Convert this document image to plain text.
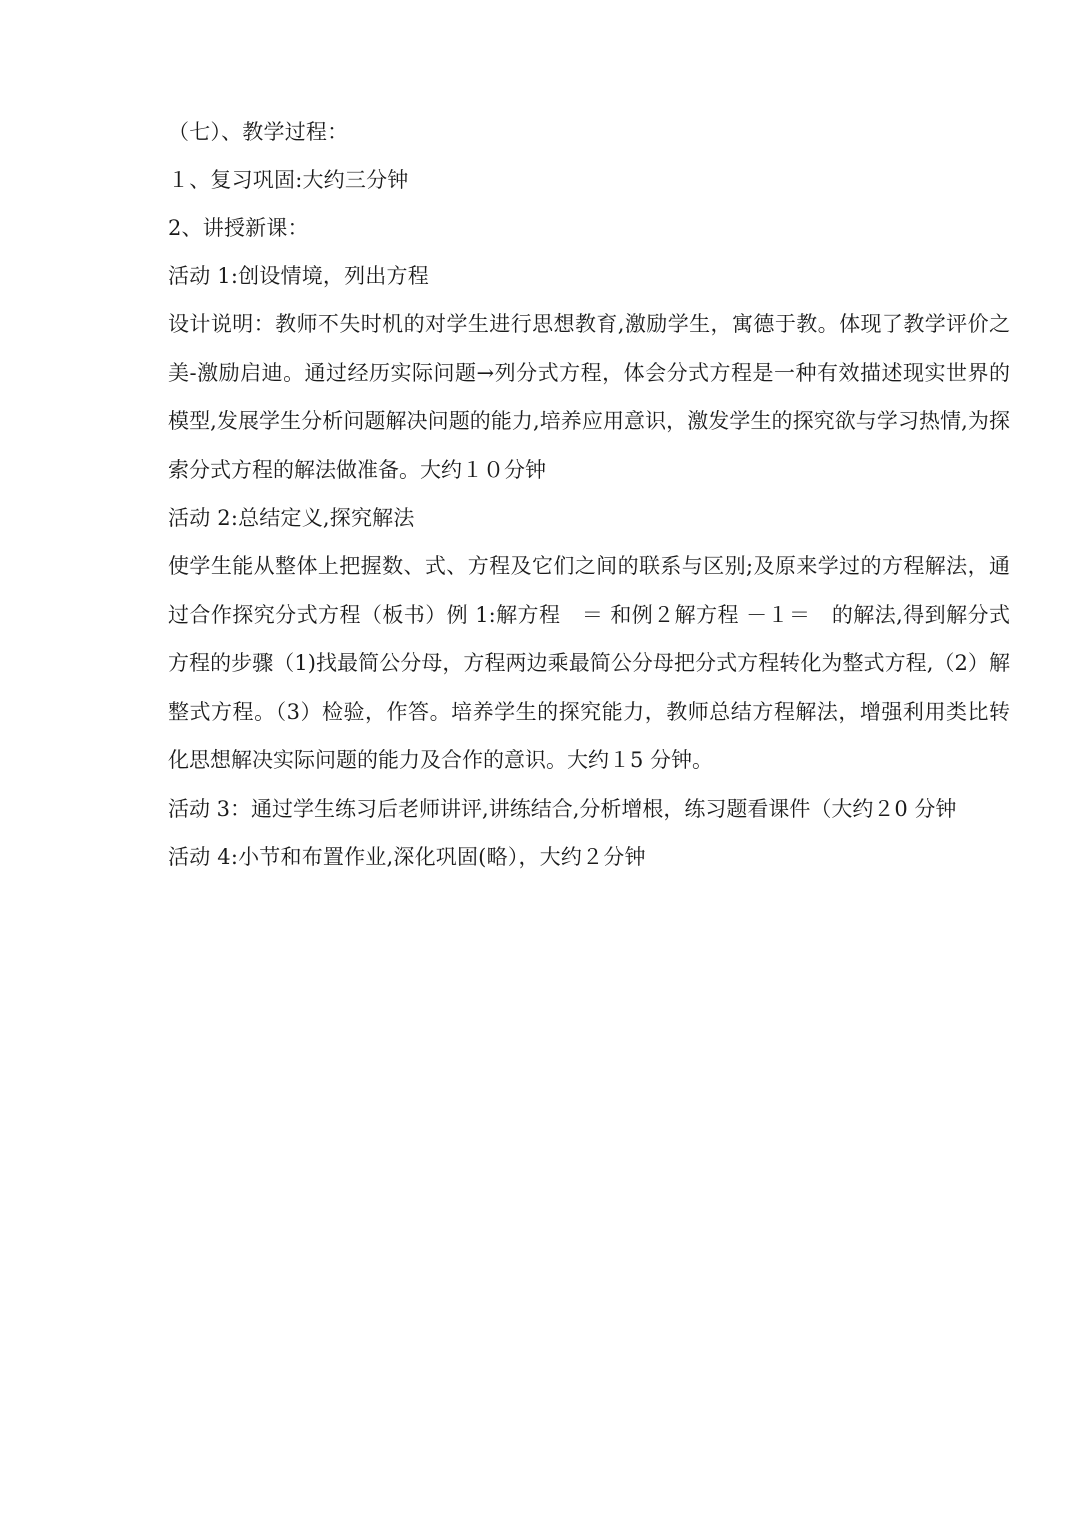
（七）、教学过程：
１、复习巩固:大约三分钟
2、讲授新课：
活动 1:创设情境，列出方程

设计说明：教师不失时机的对学生进行思想教育,激励学生，寓德于教。体现了教学评价之美-激励启迪。通过经历实际问题→列分式方程，体会分式方程是一种有效描述现实世界的模型,发展学生分析问题解决问题的能力,培养应用意识，激发学生的探究欲与学习热情,为探索分式方程的解法做准备。大约１０分钟

活动 2:总结定义,探究解法

使学生能从整体上把握数、式、方程及它们之间的联系与区别;及原来学过的方程解法，通过合作探究分式方程（板书）例 1:解方程　＝ 和例２解方程 －１＝　的解法,得到解分式方程的步骤（1)找最简公分母，方程两边乘最简公分母把分式方程转化为整式方程,（2）解整式方程。（3）检验，作答。培养学生的探究能力，教师总结方程解法，增强利用类比转化思想解决实际问题的能力及合作的意识。大约１5 分钟。

活动 3：通过学生练习后老师讲评,讲练结合,分析增根，练习题看课件（大约２0 分钟

活动 4:小节和布置作业,深化巩固(略），大约２分钟
